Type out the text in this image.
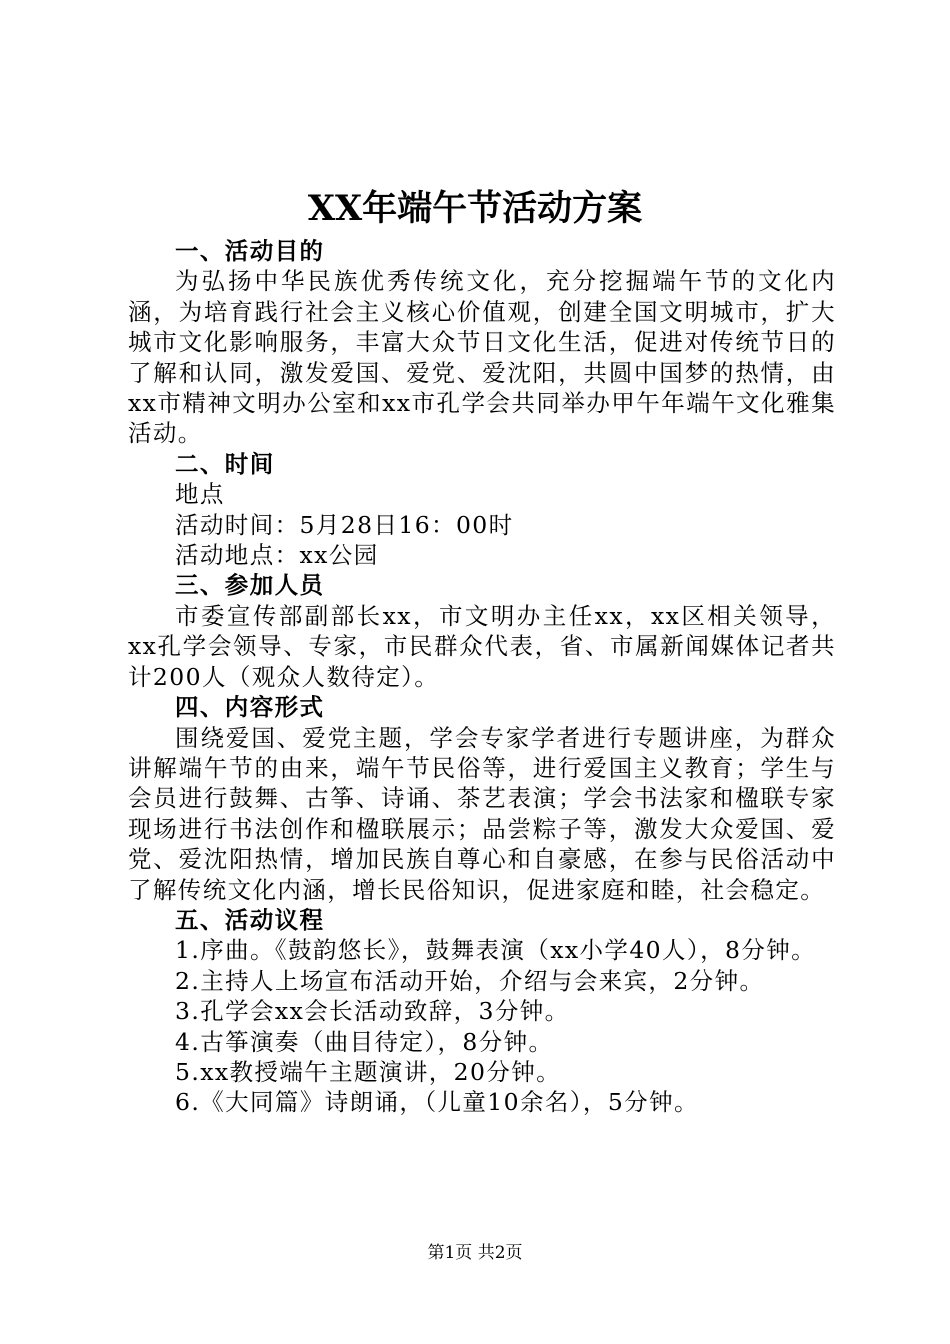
XX年端午节活动方案

一、活动目的

为弘扬中华民族优秀传统文化，充分挖掘端午节的文化内涵，为培育践行社会主义核心价值观，创建全国文明城市，扩大城市文化影响服务，丰富大众节日文化生活，促进对传统节日的了解和认同，激发爱国、爱党、爱沈阳，共圆中国梦的热情，由xx市精神文明办公室和xx市孔学会共同举办甲午年端午文化雅集活动。

二、时间

地点

活动时间：5月28日16：00时

活动地点：xx公园

三、参加人员

市委宣传部副部长xx，市文明办主任xx，xx区相关领导，xx孔学会领导、专家，市民群众代表，省、市属新闻媒体记者共计200人（观众人数待定）。

四、内容形式

围绕爱国、爱党主题，学会专家学者进行专题讲座，为群众讲解端午节的由来，端午节民俗等，进行爱国主义教育；学生与会员进行鼓舞、古筝、诗诵、茶艺表演；学会书法家和楹联专家现场进行书法创作和楹联展示；品尝粽子等，激发大众爱国、爱党、爱沈阳热情，增加民族自尊心和自豪感，在参与民俗活动中了解传统文化内涵，增长民俗知识，促进家庭和睦，社会稳定。

五、活动议程

1.序曲。《鼓韵悠长》，鼓舞表演（xx小学40人），8分钟。

2.主持人上场宣布活动开始，介绍与会来宾，2分钟。

3.孔学会xx会长活动致辞，3分钟。

4.古筝演奏（曲目待定），8分钟。

5.xx教授端午主题演讲，20分钟。

6.《大同篇》诗朗诵，（儿童10余名），5分钟。

第1页 共2页
